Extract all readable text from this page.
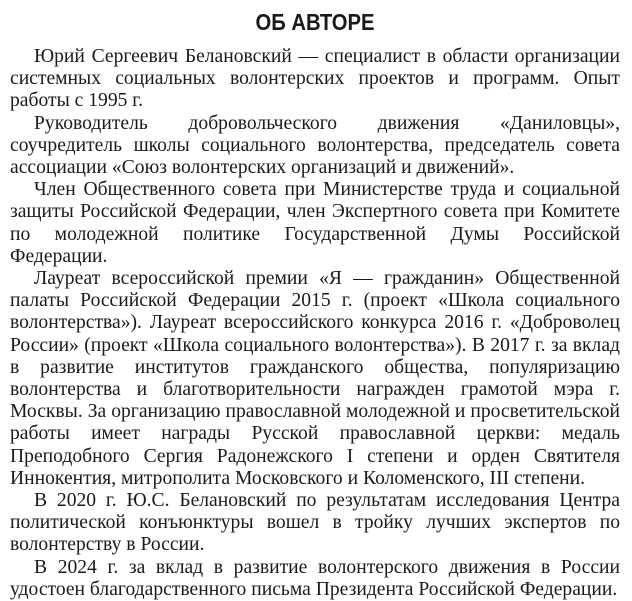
ОБ АВТОРЕ

Юрий Сергеевич Белановский — специалист в области организации системных социальных волонтерских проектов и программ. Опыт работы с 1995 г.

Руководитель добровольческого движения «Даниловцы», соучредитель школы социального волонтерства, председатель совета ассоциации «Союз волонтерских организаций и движений».

Член Общественного совета при Министерстве труда и социальной защиты Российской Федерации, член Экспертного совета при Комитете по молодежной политике Государственной Думы Российской Федерации.

Лауреат всероссийской премии «Я — гражданин» Общественной палаты Российской Федерации 2015 г. (проект «Школа социального волонтерства»). Лауреат всероссийского конкурса 2016 г. «Доброволец России» (проект «Школа социального волонтерства»). В 2017 г. за вклад в развитие институтов гражданского общества, популяризацию волонтерства и благотворительности награжден грамотой мэра г. Москвы. За организацию православной молодежной и просветительской работы имеет награды Русской православной церкви: медаль Преподобного Сергия Радонежского I степени и орден Святителя Иннокентия, митрополита Московского и Коломенского, III степени.

В 2020 г. Ю.С. Белановский по результатам исследования Центра политической конъюнктуры вошел в тройку лучших экспертов по волонтерству в России.

В 2024 г. за вклад в развитие волонтерского движения в России удостоен благодарственного письма Президента Российской Федерации.
